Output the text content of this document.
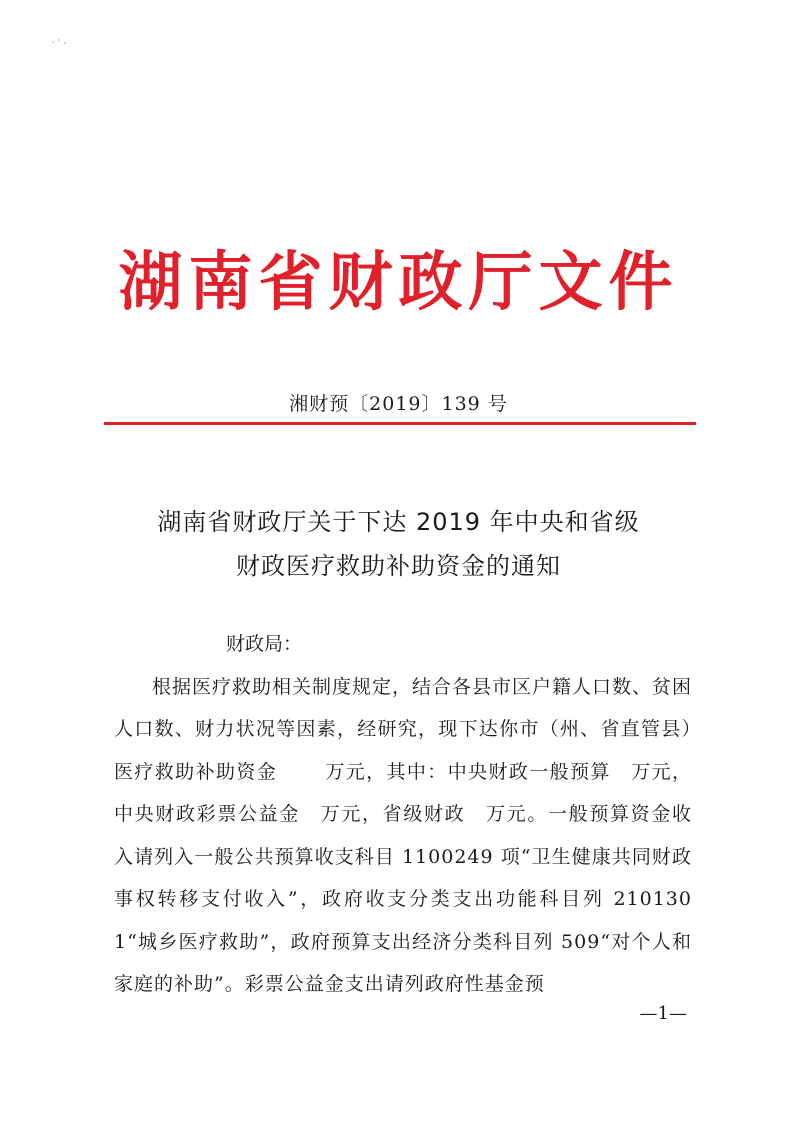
湖南省财政厅文件
湘财预〔2019〕139 号
湖南省财政厅关于下达 2019 年中央和省级
财政医疗救助补助资金的通知

财政局：

根据医疗救助相关制度规定，结合各县市区户籍人口数、贫困人口数、财力状况等因素，经研究，现下达你市（州、省直管县）医疗救助补助资金　　 万元，其中：中央财政一般预算　万元，中央财政彩票公益金　万元，省级财政　万元。一般预算资金收入请列入一般公共预算收支科目 1100249 项“卫生健康共同财政事权转移支付收入”，政府收支分类支出功能科目列 2101301“城乡医疗救助”，政府预算支出经济分类科目列 509“对个人和家庭的补助”。彩票公益金支出请列政府性基金预

—1—
